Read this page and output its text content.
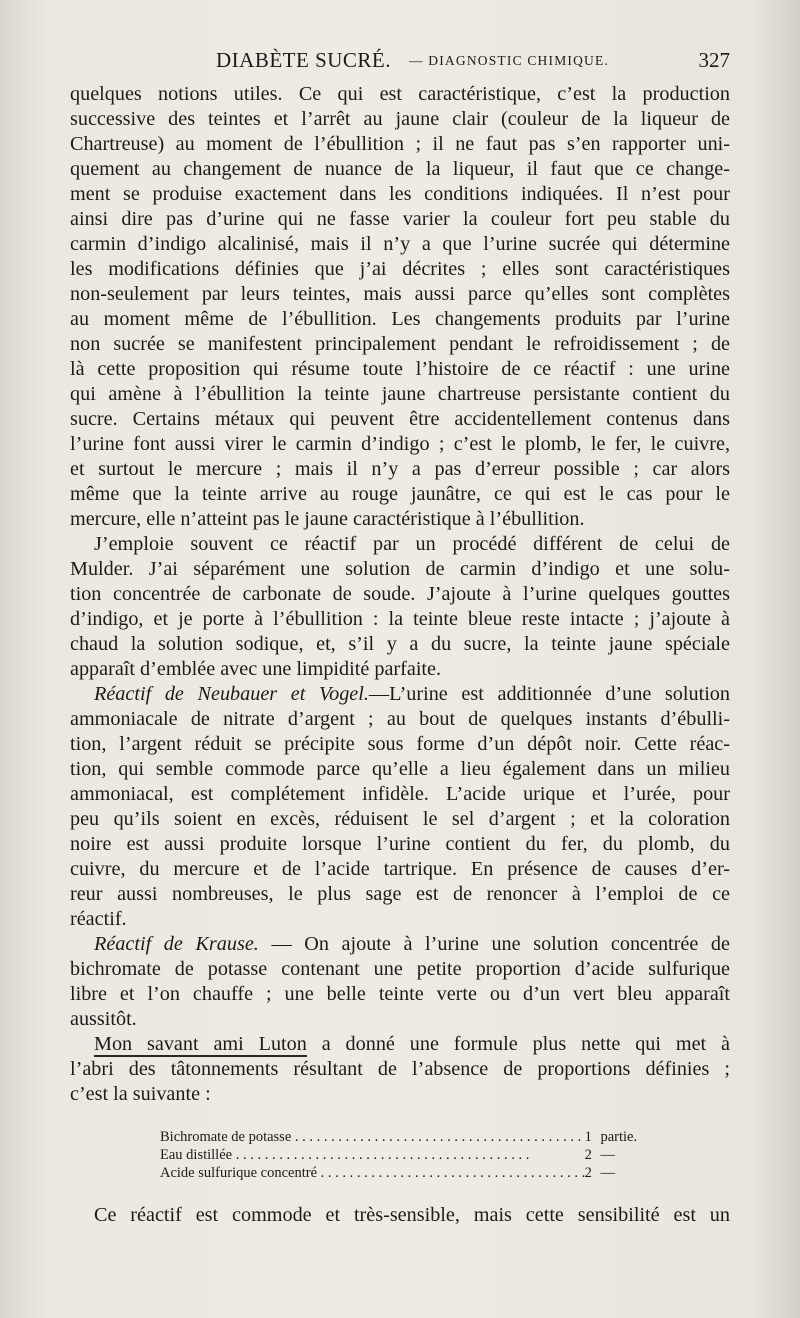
DIABÈTE SUCRÉ. — DIAGNOSTIC CHIMIQUE.	327

quelques notions utiles. Ce qui est caractéristique, c’est la production
successive des teintes et l’arrêt au jaune clair (couleur de la liqueur de
Chartreuse) au moment de l’ébullition ; il ne faut pas s’en rapporter uni-
quement au changement de nuance de la liqueur, il faut que ce change-
ment se produise exactement dans les conditions indiquées. Il n’est pour
ainsi dire pas d’urine qui ne fasse varier la couleur fort peu stable du
carmin d’indigo alcalinisé, mais il n’y a que l’urine sucrée qui détermine
les modifications définies que j’ai décrites ; elles sont caractéristiques
non-seulement par leurs teintes, mais aussi parce qu’elles sont complètes
au moment même de l’ébullition. Les changements produits par l’urine
non sucrée se manifestent principalement pendant le refroidissement ; de
là cette proposition qui résume toute l’histoire de ce réactif : une urine
qui amène à l’ébullition la teinte jaune chartreuse persistante contient du
sucre. Certains métaux qui peuvent être accidentellement contenus dans
l’urine font aussi virer le carmin d’indigo ; c’est le plomb, le fer, le cuivre,
et surtout le mercure ; mais il n’y a pas d’erreur possible ; car alors
même que la teinte arrive au rouge jaunâtre, ce qui est le cas pour le
mercure, elle n’atteint pas le jaune caractéristique à l’ébullition.

J’emploie souvent ce réactif par un procédé différent de celui de
Mulder. J’ai séparément une solution de carmin d’indigo et une solu-
tion concentrée de carbonate de soude. J’ajoute à l’urine quelques gouttes
d’indigo, et je porte à l’ébullition : la teinte bleue reste intacte ; j’ajoute à
chaud la solution sodique, et, s’il y a du sucre, la teinte jaune spéciale
apparaît d’emblée avec une limpidité parfaite.

Réactif de Neubauer et Vogel.—L’urine est additionnée d’une solution
ammoniacale de nitrate d’argent ; au bout de quelques instants d’ébulli-
tion, l’argent réduit se précipite sous forme d’un dépôt noir. Cette réac-
tion, qui semble commode parce qu’elle a lieu également dans un milieu
ammoniacal, est complétement infidèle. L’acide urique et l’urée, pour
peu qu’ils soient en excès, réduisent le sel d’argent ; et la coloration
noire est aussi produite lorsque l’urine contient du fer, du plomb, du
cuivre, du mercure et de l’acide tartrique. En présence de causes d’er-
reur aussi nombreuses, le plus sage est de renoncer à l’emploi de ce
réactif.

Réactif de Krause. — On ajoute à l’urine une solution concentrée de
bichromate de potasse contenant une petite proportion d’acide sulfurique
libre et l’on chauffe ; une belle teinte verte ou d’un vert bleu apparaît
aussitôt.

Mon savant ami Luton a donné une formule plus nette qui met à
l’abri des tâtonnements résultant de l’absence de proportions définies ;
c’est la suivante :

Bichromate de potasse . . .	1 partie.
Eau distillée . . .	2 —
Acide sulfurique concentré . . .	2 —
Ce réactif est commode et très-sensible, mais cette sensibilité est un
